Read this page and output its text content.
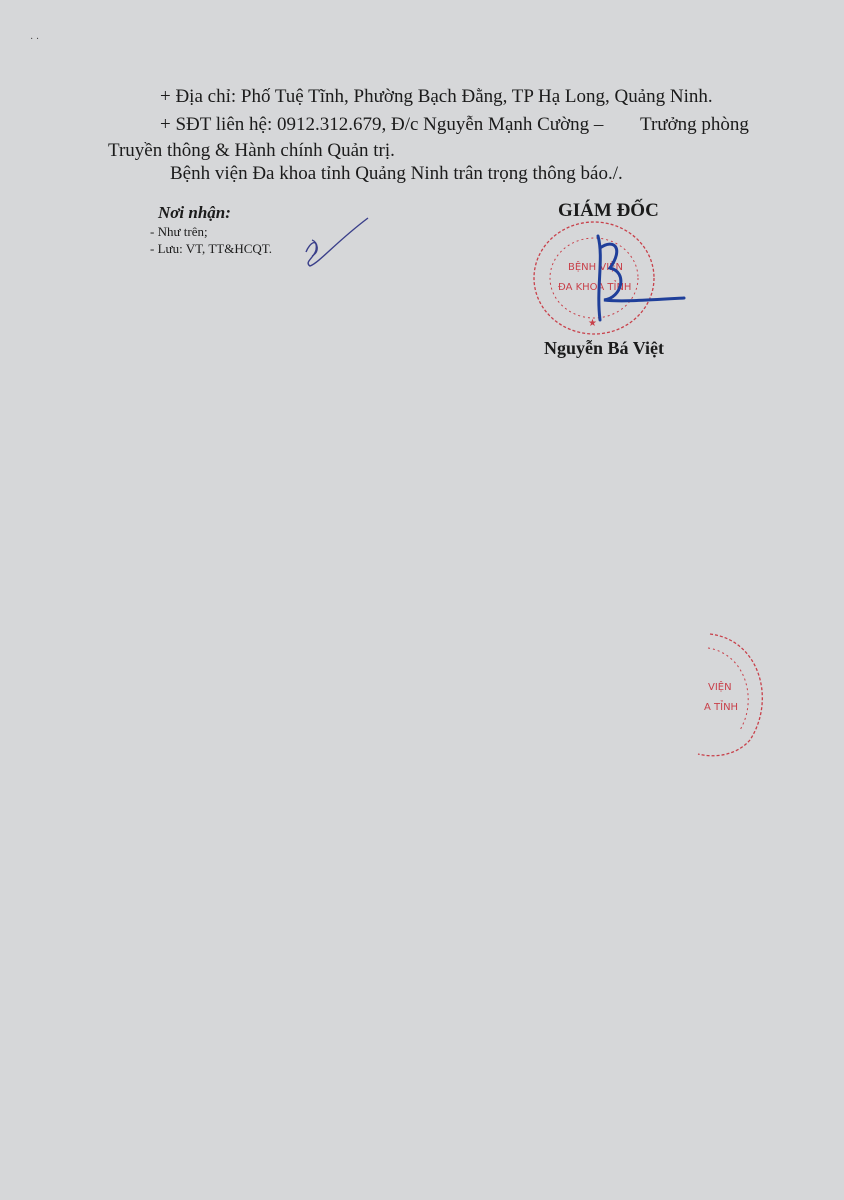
· ·
+ Địa chỉ: Phố Tuệ Tĩnh, Phường Bạch Đằng, TP Hạ Long, Quảng Ninh.
+ SĐT liên hệ: 0912.312.679, Đ/c Nguyễn Mạnh Cường – Trưởng phòng
Truyền thông & Hành chính Quản trị.
Bệnh viện Đa khoa tỉnh Quảng Ninh trân trọng thông báo./.
Nơi nhận:
- Như trên;
- Lưu: VT, TT&HCQT.
GIÁM ĐỐC
BỆNH VIỆN
ĐA KHOA TỈNH
★
Nguyễn Bá Việt
VIỆN
A TỈNH
